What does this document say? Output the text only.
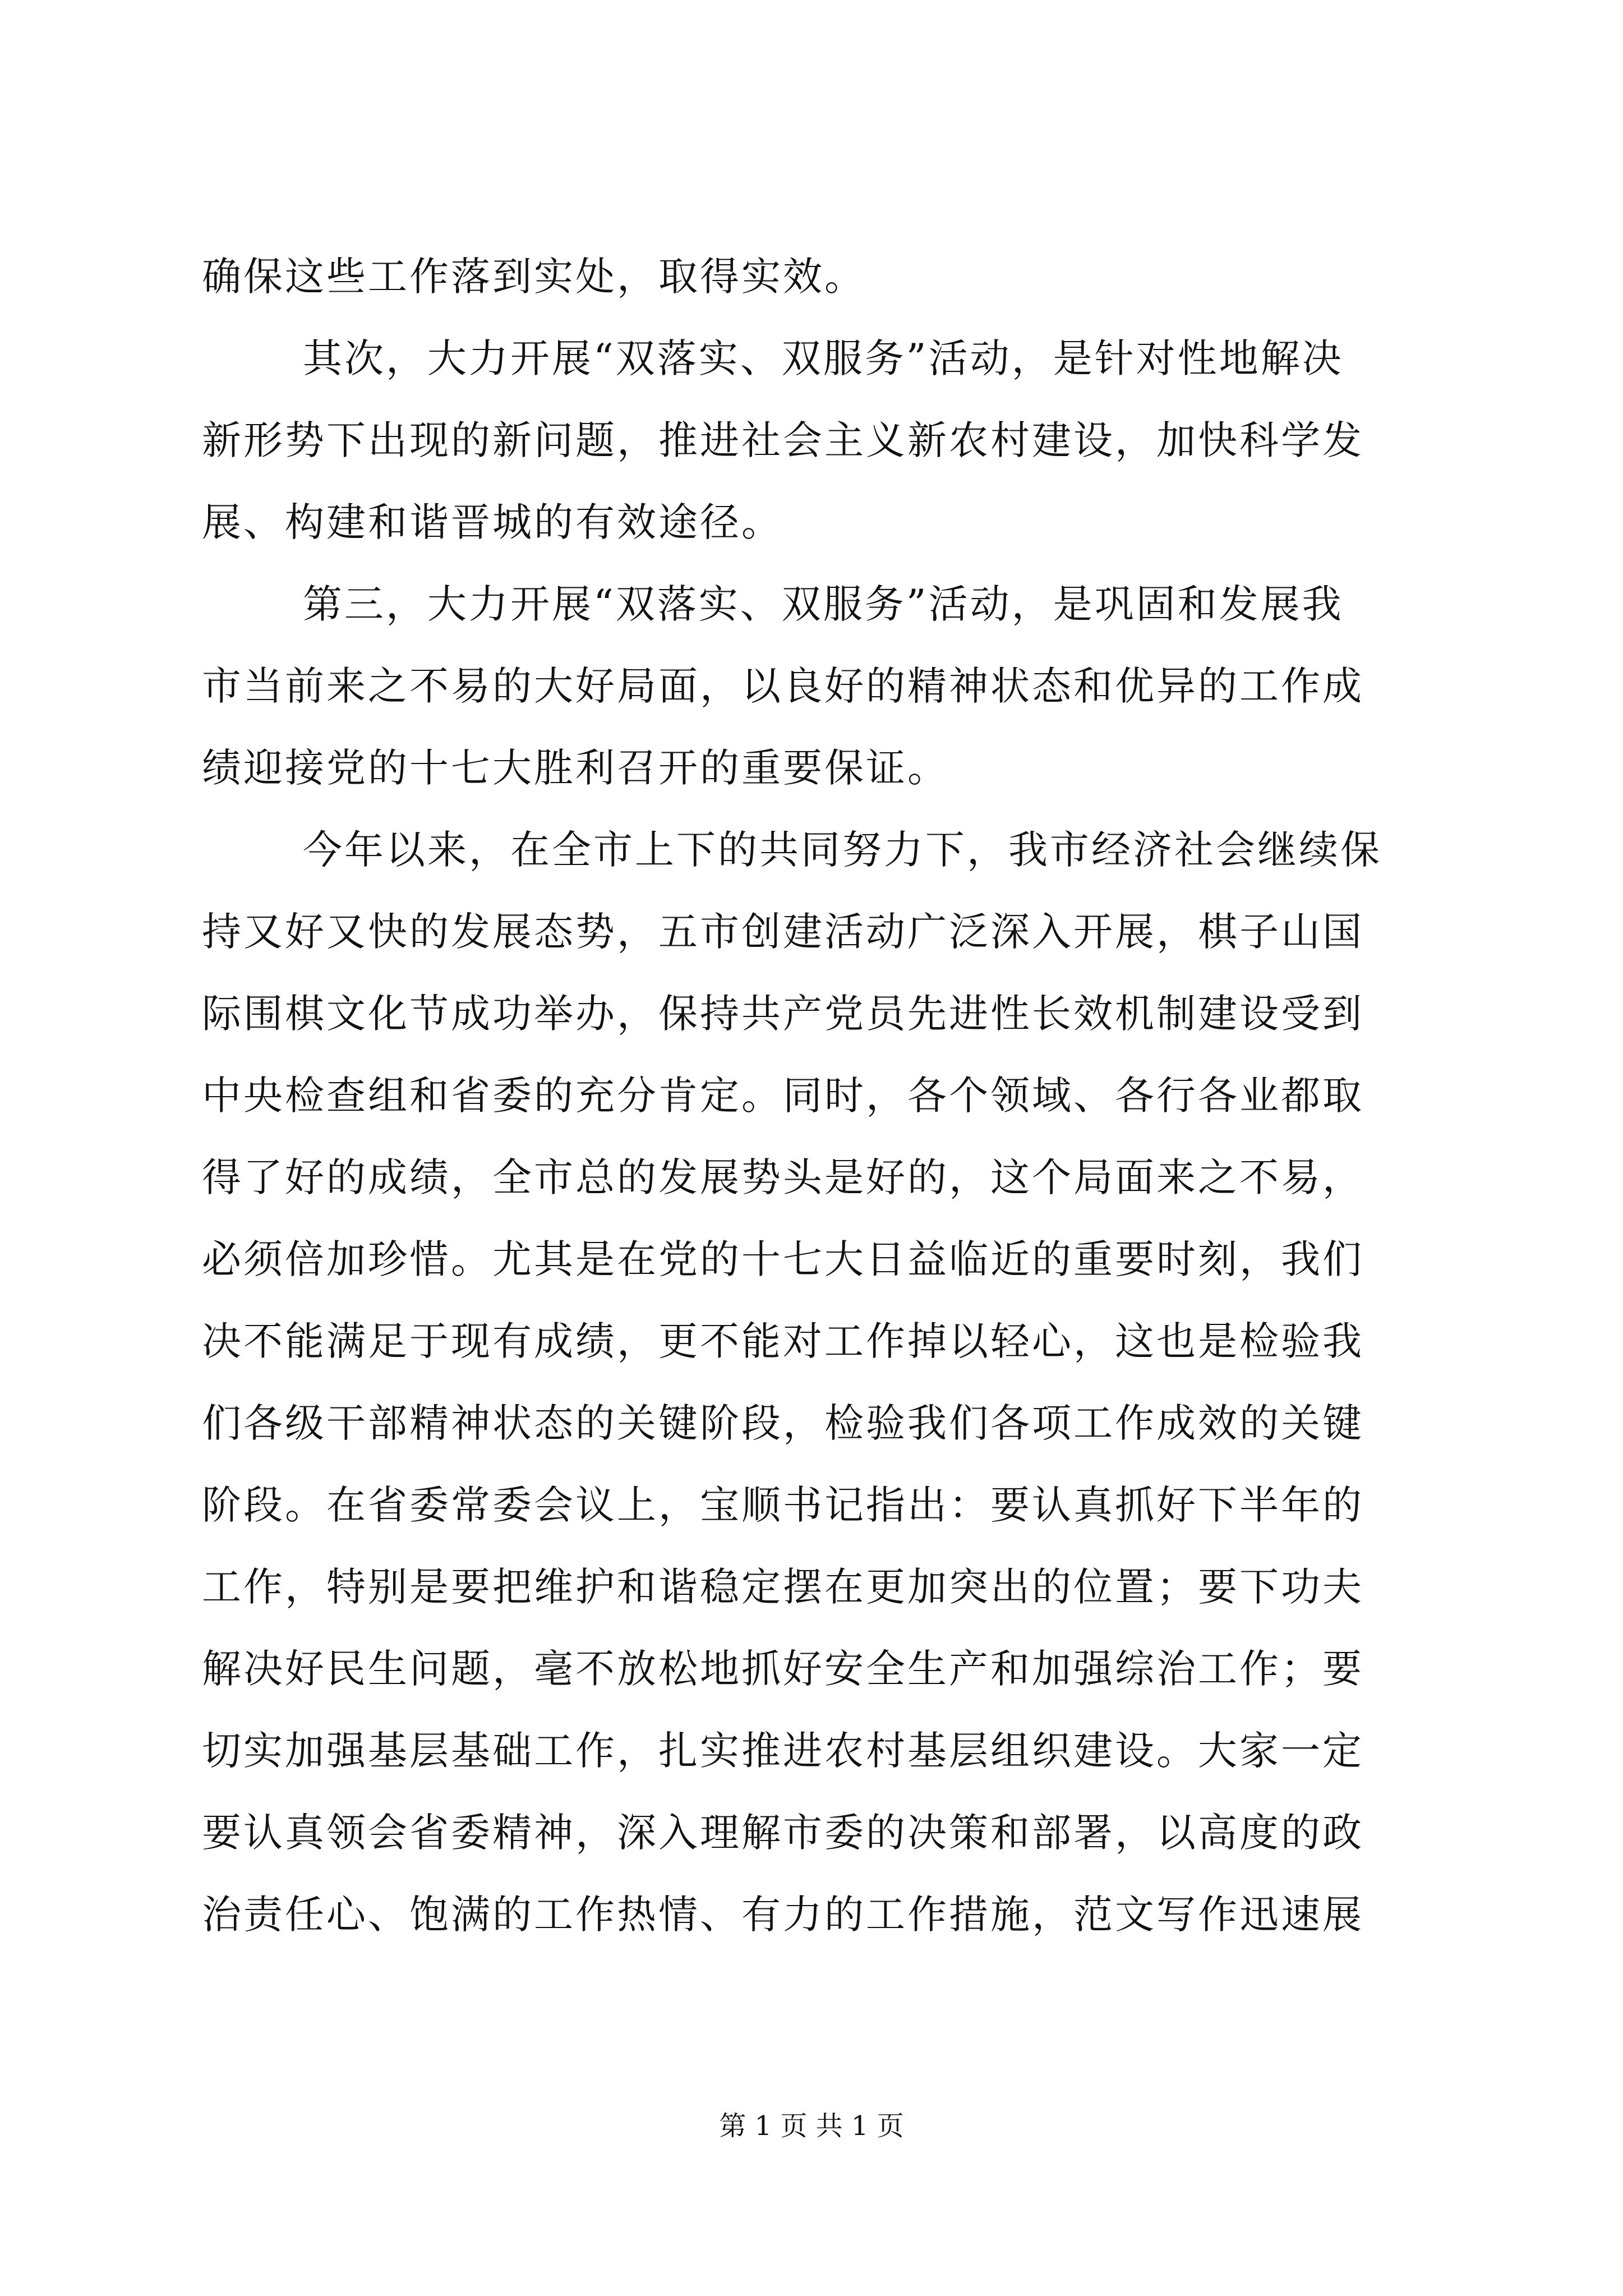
确保这些工作落到实处，取得实效。
其次，大力开展“双落实、双服务”活动，是针对性地解决
新形势下出现的新问题，推进社会主义新农村建设，加快科学发
展、构建和谐晋城的有效途径。
第三，大力开展“双落实、双服务”活动，是巩固和发展我
市当前来之不易的大好局面，以良好的精神状态和优异的工作成
绩迎接党的十七大胜利召开的重要保证。
今年以来，在全市上下的共同努力下，我市经济社会继续保
持又好又快的发展态势，五市创建活动广泛深入开展，棋子山国
际围棋文化节成功举办，保持共产党员先进性长效机制建设受到
中央检查组和省委的充分肯定。同时，各个领域、各行各业都取
得了好的成绩，全市总的发展势头是好的，这个局面来之不易，
必须倍加珍惜。尤其是在党的十七大日益临近的重要时刻，我们
决不能满足于现有成绩，更不能对工作掉以轻心，这也是检验我
们各级干部精神状态的关键阶段，检验我们各项工作成效的关键
阶段。在省委常委会议上，宝顺书记指出：要认真抓好下半年的
工作，特别是要把维护和谐稳定摆在更加突出的位置；要下功夫
解决好民生问题，毫不放松地抓好安全生产和加强综治工作；要
切实加强基层基础工作，扎实推进农村基层组织建设。大家一定
要认真领会省委精神，深入理解市委的决策和部署，以高度的政
治责任心、饱满的工作热情、有力的工作措施，范文写作迅速展
第 1 页 共 1 页
